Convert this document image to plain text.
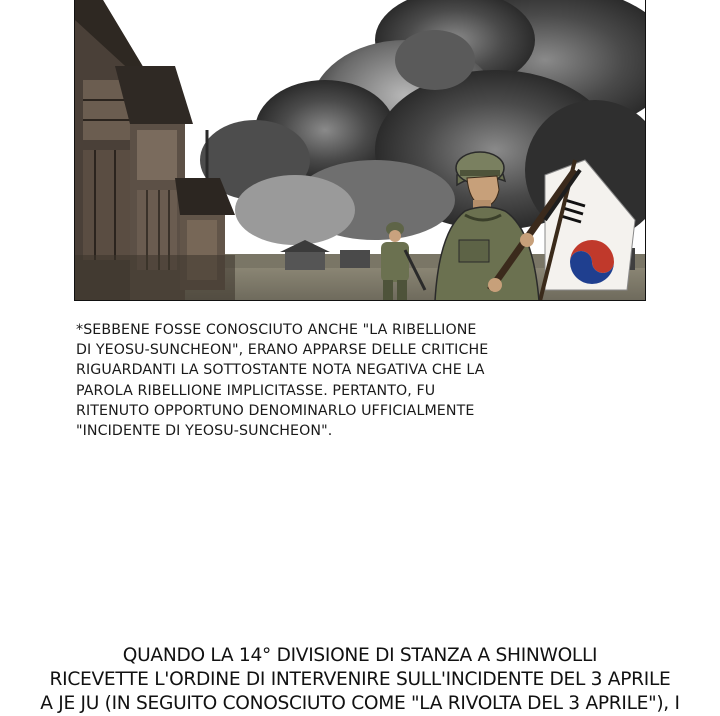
*SEBBENE FOSSE CONOSCIUTO ANCHE "LA RIBELLIONE
DI YEOSU-SUNCHEON", ERANO APPARSE DELLE CRITICHE
RIGUARDANTI LA SOTTOSTANTE NOTA NEGATIVA CHE LA
PAROLA RIBELLIONE IMPLICITASSE. PERTANTO, FU
RITENUTO OPPORTUNO DENOMINARLO UFFICIALMENTE
"INCIDENTE DI YEOSU-SUNCHEON".

QUANDO LA 14° DIVISIONE DI STANZA A SHINWOLLI
RICEVETTE L'ORDINE DI INTERVENIRE SULL'INCIDENTE DEL 3 APRILE
A JE JU (IN SEGUITO CONOSCIUTO COME "LA RIVOLTA DEL 3 APRILE"), I
